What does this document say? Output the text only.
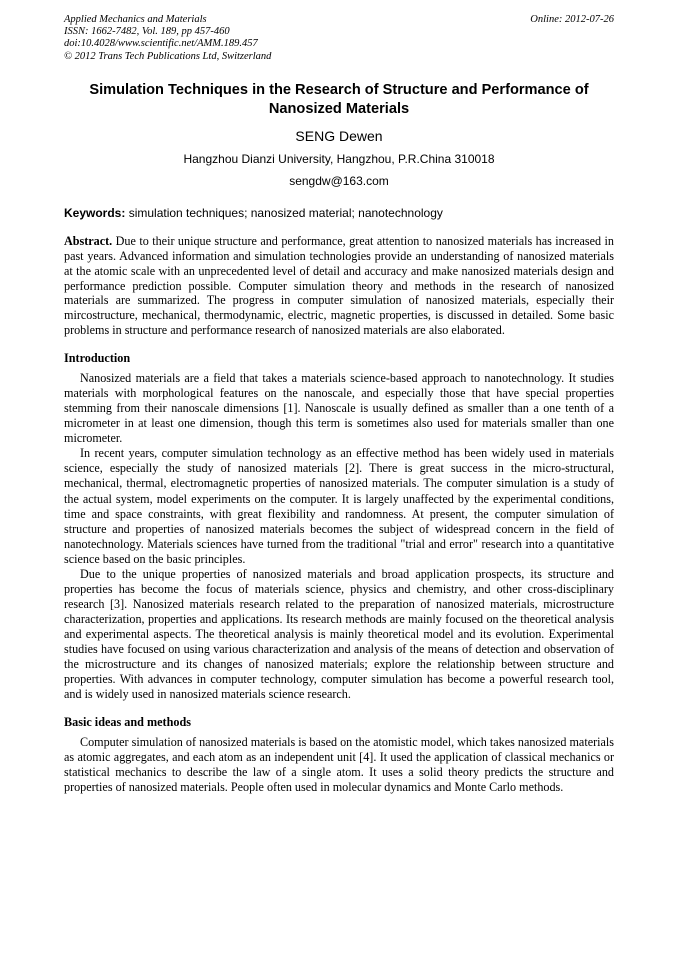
Applied Mechanics and Materials
ISSN: 1662-7482, Vol. 189, pp 457-460
doi:10.4028/www.scientific.net/AMM.189.457
© 2012 Trans Tech Publications Ltd, Switzerland
Online: 2012-07-26
Simulation Techniques in the Research of Structure and Performance of Nanosized Materials
SENG Dewen
Hangzhou Dianzi University, Hangzhou, P.R.China 310018
sengdw@163.com
Keywords: simulation techniques; nanosized material; nanotechnology
Abstract. Due to their unique structure and performance, great attention to nanosized materials has increased in past years. Advanced information and simulation technologies provide an understanding of nanosized materials at the atomic scale with an unprecedented level of detail and accuracy and make nanosized materials design and performance prediction possible. Computer simulation theory and methods in the research of nanosized materials are summarized. The progress in computer simulation of nanosized materials, especially their mircostructure, mechanical, thermodynamic, electric, magnetic properties, is discussed in detailed. Some basic problems in structure and performance research of nanosized materials are also elaborated.
Introduction

Nanosized materials are a field that takes a materials science-based approach to nanotechnology. It studies materials with morphological features on the nanoscale, and especially those that have special properties stemming from their nanoscale dimensions [1]. Nanoscale is usually defined as smaller than a one tenth of a micrometer in at least one dimension, though this term is sometimes also used for materials smaller than one micrometer.

In recent years, computer simulation technology as an effective method has been widely used in materials science, especially the study of nanosized materials [2]. There is great success in the micro-structural, mechanical, thermal, electromagnetic properties of nanosized materials. The computer simulation is a study of the actual system, model experiments on the computer. It is largely unaffected by the experimental conditions, time and space constraints, with great flexibility and randomness. At present, the computer simulation of structure and properties of nanosized materials becomes the subject of widespread concern in the field of nanotechnology. Materials sciences have turned from the traditional "trial and error" research into a quantitative science based on the basic principles.

Due to the unique properties of nanosized materials and broad application prospects, its structure and properties has become the focus of materials science, physics and chemistry, and other cross-disciplinary research [3]. Nanosized materials research related to the preparation of nanosized materials, microstructure characterization, properties and applications. Its research methods are mainly focused on the theoretical analysis and experimental aspects. The theoretical analysis is mainly theoretical model and its evolution. Experimental studies have focused on using various characterization and analysis of the means of detection and observation of the microstructure and its changes of nanosized materials; explore the relationship between structure and properties. With advances in computer technology, computer simulation has become a powerful research tool, and is widely used in nanosized materials science research.

Basic ideas and methods

Computer simulation of nanosized materials is based on the atomistic model, which takes nanosized materials as atomic aggregates, and each atom as an independent unit [4]. It used the application of classical mechanics or statistical mechanics to describe the law of a single atom. It uses a solid theory predicts the structure and properties of nanosized materials. People often used in molecular dynamics and Monte Carlo methods.
